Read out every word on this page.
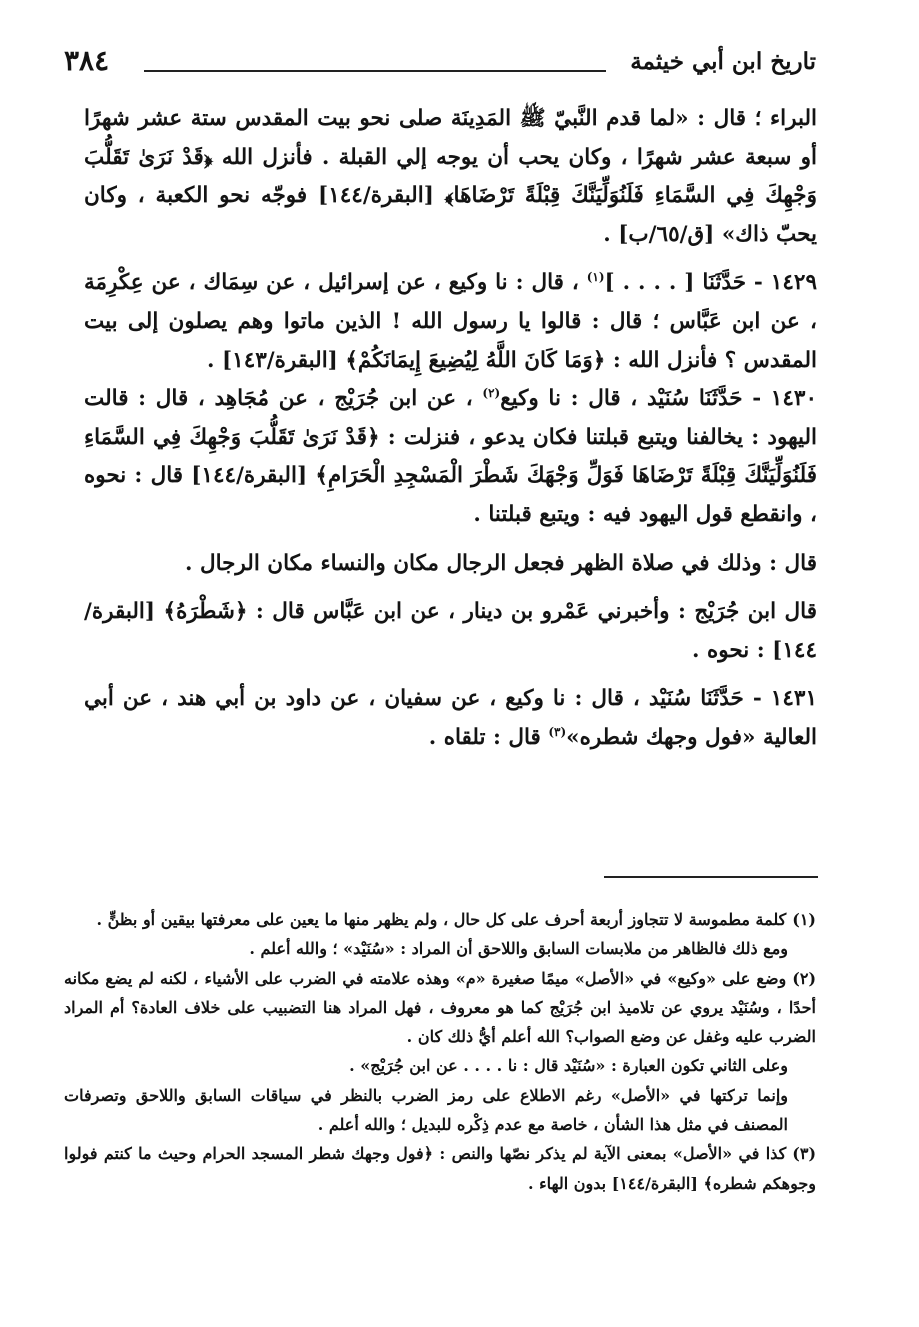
تاريخ ابن أبي خيثمة
٣٨٤

البراء ؛ قال : «لما قدم النَّبيّ ﷺ المَدِينَة صلى نحو بيت المقدس ستة عشر شهرًا أو سبعة عشر شهرًا ، وكان يحب أن يوجه إلي القبلة . فأنزل الله ﴿قَدْ نَرَىٰ تَقَلُّبَ وَجْهِكَ فِي السَّمَاءِ فَلَنُوَلِّيَنَّكَ قِبْلَةً تَرْضَاهَا﴾ [البقرة/١٤٤] فوجّه نحو الكعبة ، وكان يحبّ ذاك» [ق/٦٥/ب] .

١٤٢٩ - حَدَّثَنَا [ . . . . ]$^{(١)}$ ، قال : نا وكيع ، عن إسرائيل ، عن سِمَاك ، عن عِكْرِمَة ، عن ابن عَبَّاس ؛ قال : قالوا يا رسول الله ! الذين ماتوا وهم يصلون إلى بيت المقدس ؟ فأنزل الله : ﴿وَمَا كَانَ اللَّهُ لِيُضِيعَ إِيمَانَكُمْ﴾ [البقرة/١٤٣] .

١٤٣٠ - حَدَّثَنَا سُنَيْد ، قال : نا وكيع$^{(٢)}$ ، عن ابن جُرَيْج ، عن مُجَاهِد ، قال : قالت اليهود : يخالفنا ويتبع قبلتنا فكان يدعو ، فنزلت : ﴿قَدْ نَرَىٰ تَقَلُّبَ وَجْهِكَ فِي السَّمَاءِ فَلَنُوَلِّيَنَّكَ قِبْلَةً تَرْضَاهَا فَوَلِّ وَجْهَكَ شَطْرَ الْمَسْجِدِ الْحَرَامِ﴾ [البقرة/١٤٤] قال : نحوه ، وانقطع قول اليهود فيه : ويتبع قبلتنا .

قال : وذلك في صلاة الظهر فجعل الرجال مكان والنساء مكان الرجال .

قال ابن جُرَيْج : وأخبرني عَمْرو بن دينار ، عن ابن عَبَّاس قال : ﴿شَطْرَهُ﴾ [البقرة/١٤٤] : نحوه .

١٤٣١ - حَدَّثَنَا سُنَيْد ، قال : نا وكيع ، عن سفيان ، عن داود بن أبي هند ، عن أبي العالية «فول وجهك شطره»$^{(٣)}$ قال : تلقاه .

(١)كلمة مطموسة لا تتجاوز أربعة أحرف على كل حال ، ولم يظهر منها ما يعين على معرفتها بيقين أو بظنٍّ .

ومع ذلك فالظاهر من ملابسات السابق واللاحق أن المراد : «سُنَيْد» ؛ والله أعلم .

(٢)وضع على «وكيع» في «الأصل» ميمًا صغيرة «م» وهذه علامته في الضرب على الأشياء ، لكنه لم يضع مكانه أحدًا ، وسُنَيْد يروي عن تلاميذ ابن جُرَيْج كما هو معروف ، فهل المراد هنا التضبيب على خلاف العادة؟ أم المراد الضرب عليه وغفل عن وضع الصواب؟ الله أعلم أيُّ ذلك كان .

وعلى الثاني تكون العبارة : «سُنَيْد قال : نا . . . . عن ابن جُرَيْج» .

وإنما تركتها في «الأصل» رغم الاطلاع على رمز الضرب بالنظر في سياقات السابق واللاحق وتصرفات المصنف في مثل هذا الشأن ، خاصة مع عدم ذِكْره للبديل ؛ والله أعلم .

(٣)كذا في «الأصل» بمعنى الآية لم يذكر نصّها والنص : ﴿فول وجهك شطر المسجد الحرام وحيث ما كنتم فولوا وجوهكم شطره﴾ [البقرة/١٤٤] بدون الهاء .
